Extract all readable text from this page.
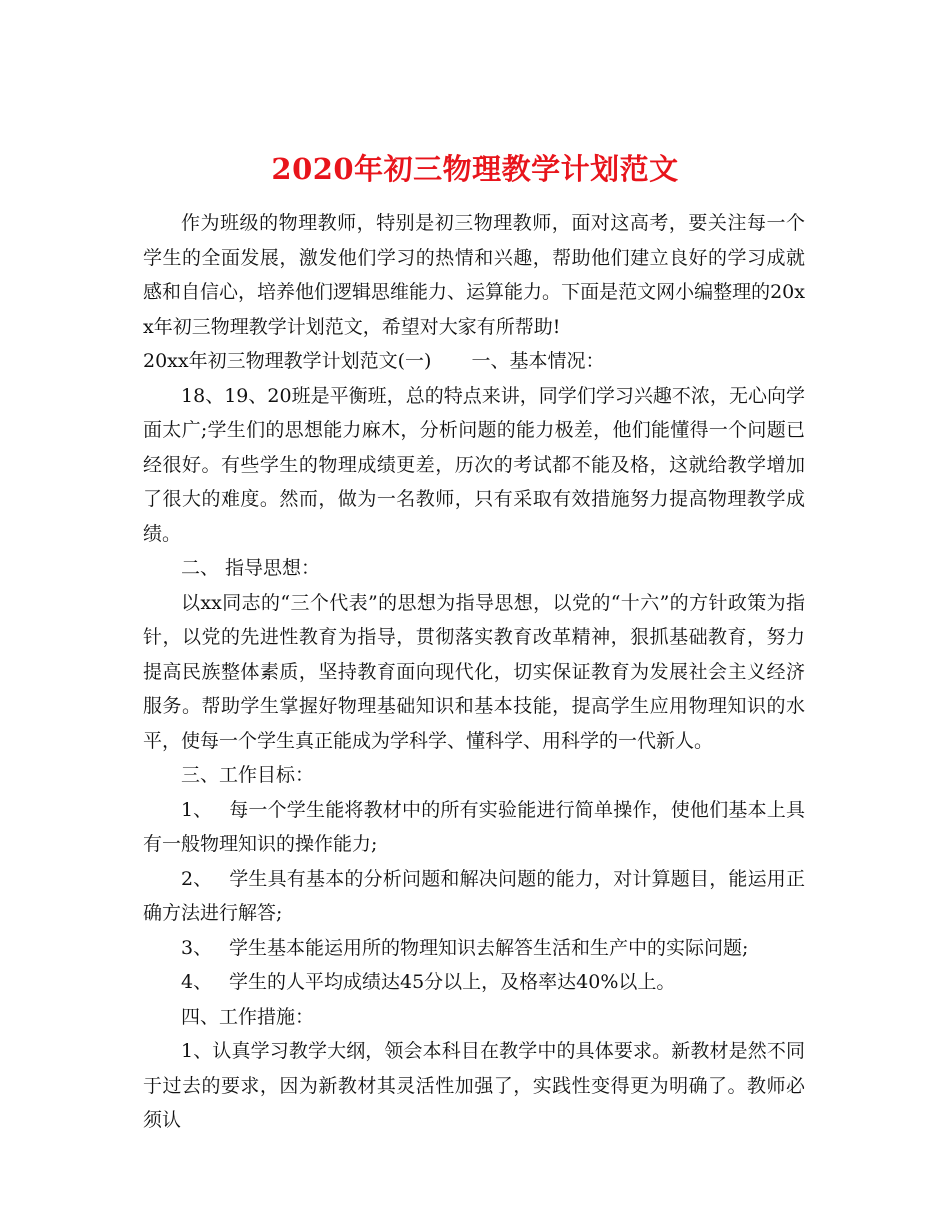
2020年初三物理教学计划范文

作为班级的物理教师，特别是初三物理教师，面对这高考，要关注每一个学生的全面发展，激发他们学习的热情和兴趣，帮助他们建立良好的学习成就感和自信心，培养他们逻辑思维能力、运算能力。下面是范文网小编整理的20xx年初三物理教学计划范文，希望对大家有所帮助!

20xx年初三物理教学计划范文(一) 一、基本情况：

18、19、20班是平衡班，总的特点来讲，同学们学习兴趣不浓，无心向学面太广;学生们的思想能力麻木，分析问题的能力极差，他们能懂得一个问题已经很好。有些学生的物理成绩更差，历次的考试都不能及格，这就给教学增加了很大的难度。然而，做为一名教师，只有采取有效措施努力提高物理教学成绩。

二、 指导思想：

以xx同志的“三个代表”的思想为指导思想，以党的“十六”的方针政策为指针，以党的先进性教育为指导，贯彻落实教育改革精神，狠抓基础教育，努力提高民族整体素质，坚持教育面向现代化，切实保证教育为发展社会主义经济服务。帮助学生掌握好物理基础知识和基本技能，提高学生应用物理知识的水平，使每一个学生真正能成为学科学、懂科学、用科学的一代新人。

三、工作目标：

1、 每一个学生能将教材中的所有实验能进行简单操作，使他们基本上具有一般物理知识的操作能力;

2、 学生具有基本的分析问题和解决问题的能力，对计算题目，能运用正确方法进行解答;

3、 学生基本能运用所的物理知识去解答生活和生产中的实际问题;

4、 学生的人平均成绩达45分以上，及格率达40%以上。

四、工作措施：

1、认真学习教学大纲，领会本科目在教学中的具体要求。新教材是然不同于过去的要求，因为新教材其灵活性加强了，实践性变得更为明确了。教师必须认
